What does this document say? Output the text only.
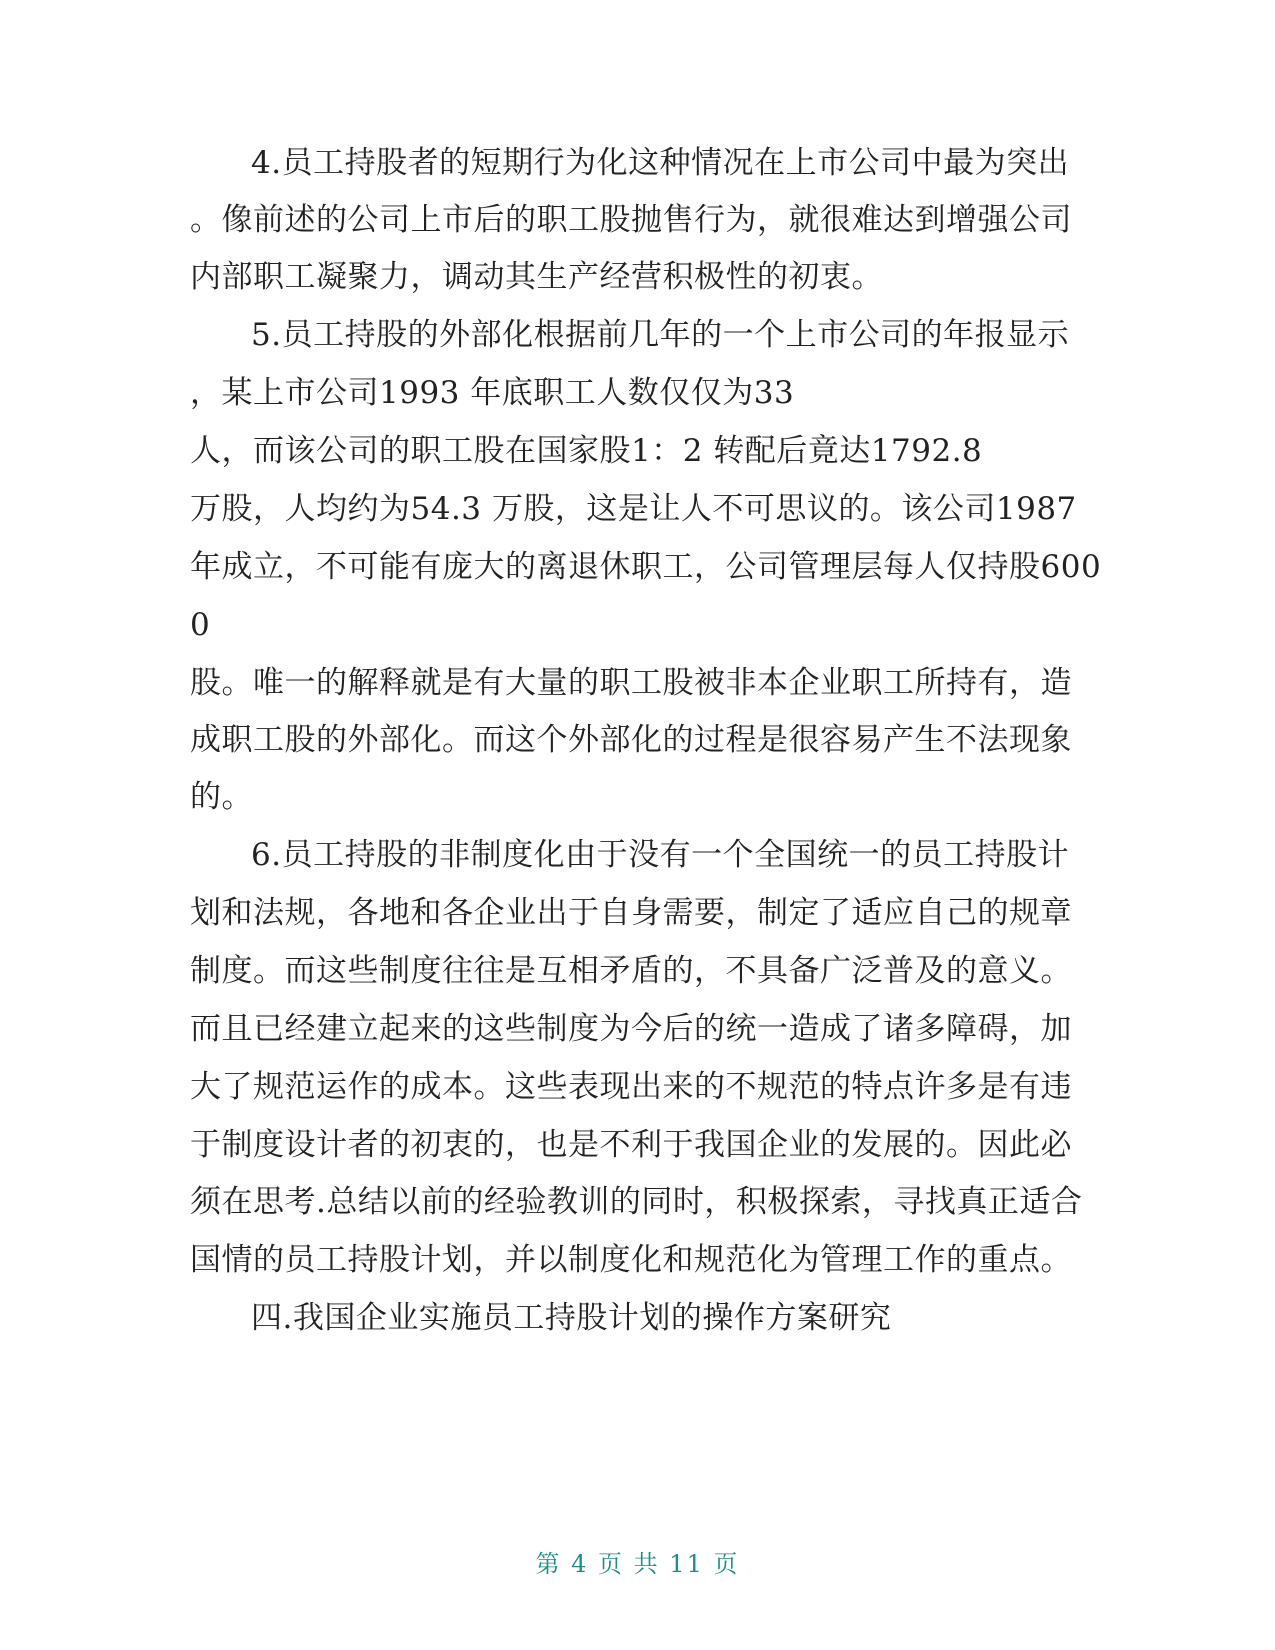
4.员工持股者的短期行为化这种情况在上市公司中最为突出
。像前述的公司上市后的职工股抛售行为，就很难达到增强公司
内部职工凝聚力，调动其生产经营积极性的初衷。
5.员工持股的外部化根据前几年的一个上市公司的年报显示
，某上市公司1993 年底职工人数仅仅为33
人，而该公司的职工股在国家股1：2 转配后竟达1792.8
万股，人均约为54.3 万股，这是让人不可思议的。该公司1987
年成立，不可能有庞大的离退休职工，公司管理层每人仅持股600
0
股。唯一的解释就是有大量的职工股被非本企业职工所持有，造
成职工股的外部化。而这个外部化的过程是很容易产生不法现象
的。
6.员工持股的非制度化由于没有一个全国统一的员工持股计
划和法规，各地和各企业出于自身需要，制定了适应自己的规章
制度。而这些制度往往是互相矛盾的，不具备广泛普及的意义。
而且已经建立起来的这些制度为今后的统一造成了诸多障碍，加
大了规范运作的成本。这些表现出来的不规范的特点许多是有违
于制度设计者的初衷的，也是不利于我国企业的发展的。因此必
须在思考.总结以前的经验教训的同时，积极探索，寻找真正适合
国情的员工持股计划，并以制度化和规范化为管理工作的重点。
四.我国企业实施员工持股计划的操作方案研究
第 4 页 共 11 页
